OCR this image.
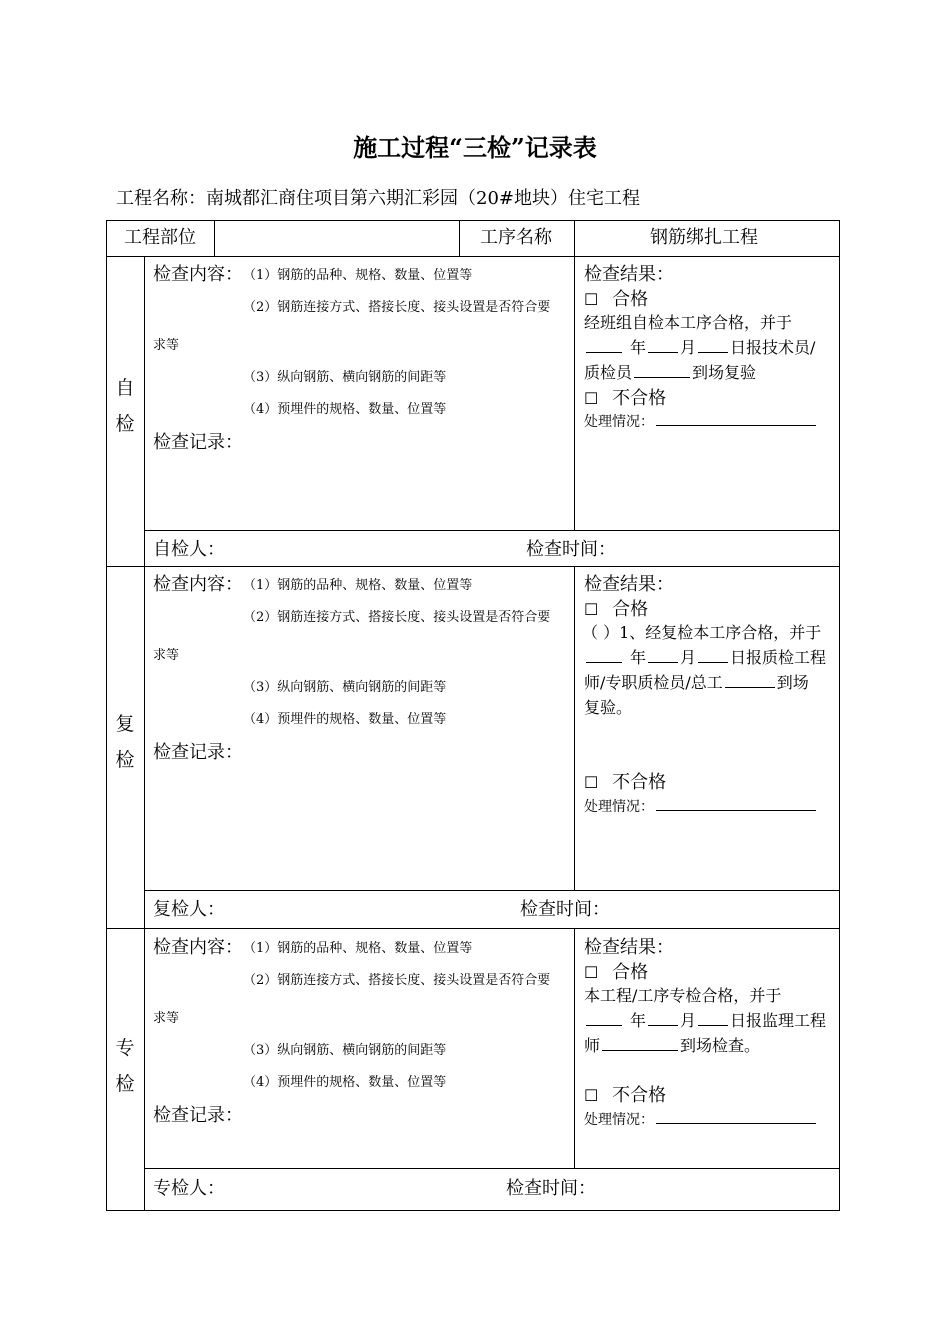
施工过程“三检”记录表
工程名称：南城都汇商住项目第六期汇彩园（20#地块）住宅工程
工程部位	工序名称	钢筋绑扎工程
自
检
检查内容： （1）钢筋的品种、规格、数量、位置等
（2）钢筋连接方式、搭接长度、接头设置是否符合要
求等
（3）纵向钢筋、横向钢筋的间距等
（4）预埋件的规格、数量、位置等
检查记录：
检查结果：
☐ 合格
经班组自检本工序合格，并于
年 月 日报技术员/
质检员	到场复验
☐ 不合格
处理情况：
自检人：	检查时间：
复
检
检查内容： （1）钢筋的品种、规格、数量、位置等
（2）钢筋连接方式、搭接长度、接头设置是否符合要
求等
（3）纵向钢筋、横向钢筋的间距等
（4）预埋件的规格、数量、位置等
检查记录：
检查结果：
☐ 合格
（ ）1、经复检本工序合格，并于
年 月 日报质检工程
师/专职质检员/总工	到场
复验。
☐ 不合格
处理情况：
复检人：	检查时间：
专
检
检查内容： （1）钢筋的品种、规格、数量、位置等
（2）钢筋连接方式、搭接长度、接头设置是否符合要
求等
（3）纵向钢筋、横向钢筋的间距等
（4）预埋件的规格、数量、位置等
检查记录：
检查结果：
☐ 合格
本工程/工序专检合格，并于
年 月 日报监理工程
师	到场检查。
☐ 不合格
处理情况：
专检人：	检查时间：
